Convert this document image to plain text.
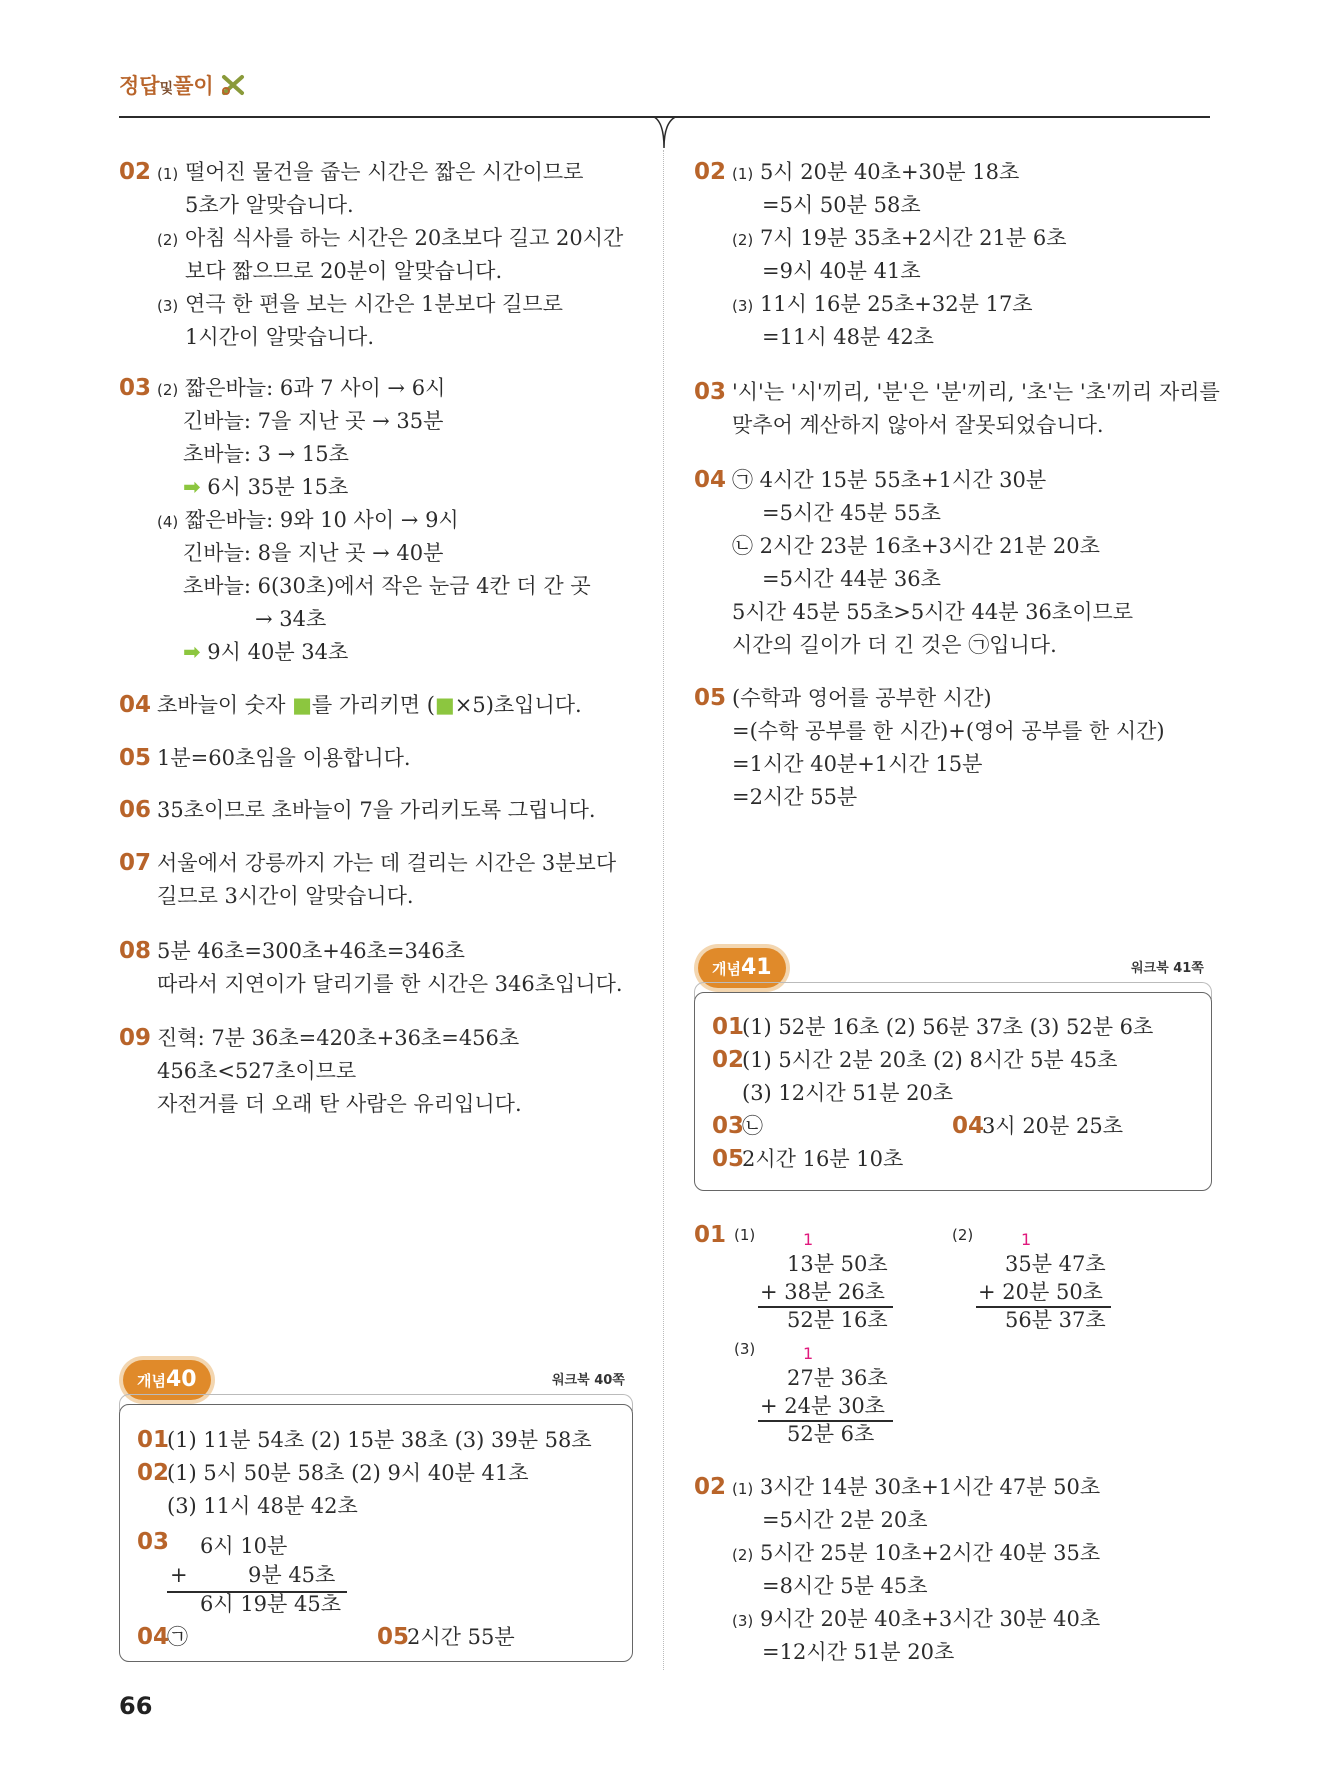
정답및풀이
02 (1) 떨어진 물건을 줍는 시간은 짧은 시간이므로
5초가 알맞습니다.
(2) 아침 식사를 하는 시간은 20초보다 길고 20시간
보다 짧으므로 20분이 알맞습니다.
(3) 연극 한 편을 보는 시간은 1분보다 길므로
1시간이 알맞습니다.
03 (2) 짧은바늘: 6과 7 사이 → 6시
긴바늘: 7을 지난 곳 → 35분
초바늘: 3 → 15초
➡ 6시 35분 15초
(4) 짧은바늘: 9와 10 사이 → 9시
긴바늘: 8을 지난 곳 → 40분
초바늘: 6(30초)에서 작은 눈금 4칸 더 간 곳
→ 34초
➡ 9시 40분 34초
04 초바늘이 숫자 ■를 가리키면 (■×5)초입니다.
05 1분=60초임을 이용합니다.
06 35초이므로 초바늘이 7을 가리키도록 그립니다.
07 서울에서 강릉까지 가는 데 걸리는 시간은 3분보다
길므로 3시간이 알맞습니다.
08 5분 46초=300초+46초=346초
따라서 지연이가 달리기를 한 시간은 346초입니다.
09 진혁: 7분 36초=420초+36초=456초
456초<527초이므로
자전거를 더 오래 탄 사람은 유리입니다.
개념40	워크북 40쪽
01
(1) 11분 54초 (2) 15분 38초 (3) 39분 58초
02
(1) 5시 50분 58초 (2) 9시 40분 41초
(3) 11시 48분 42초
03 6시 10분
+	9분 45초
6시 19분 45초
04
㉠	05
2시간 55분
02 (1) 5시 20분 40초+30분 18초
=5시 50분 58초
(2) 7시 19분 35초+2시간 21분 6초
=9시 40분 41초
(3) 11시 16분 25초+32분 17초
=11시 48분 42초
03 '시'는 '시'끼리, '분'은 '분'끼리, '초'는 '초'끼리 자리를
맞추어 계산하지 않아서 잘못되었습니다.
04 ㉠ 4시간 15분 55초+1시간 30분
=5시간 45분 55초
㉡ 2시간 23분 16초+3시간 21분 20초
=5시간 44분 36초
5시간 45분 55초>5시간 44분 36초이므로
시간의 길이가 더 긴 것은 ㉠입니다.
05 (수학과 영어를 공부한 시간)
=(수학 공부를 한 시간)+(영어 공부를 한 시간)
=1시간 40분+1시간 15분
=2시간 55분
개념41	워크북 41쪽
01
(1) 52분 16초 (2) 56분 37초 (3) 52분 6초
02
(1) 5시간 2분 20초 (2) 8시간 5분 45초
(3) 12시간 51분 20초
03
㉡	04
3시 20분 25초
05
2시간 16분 10초
01 (1)	1
13분 50초
+ 38분 26초
52분 16초
(2)	1
35분 47초
+ 20분 50초
56분 37초
(3)	1
27분 36초
+ 24분 30초
52분 6초
02 (1) 3시간 14분 30초+1시간 47분 50초
=5시간 2분 20초
(2) 5시간 25분 10초+2시간 40분 35초
=8시간 5분 45초
(3) 9시간 20분 40초+3시간 30분 40초
=12시간 51분 20초
66
